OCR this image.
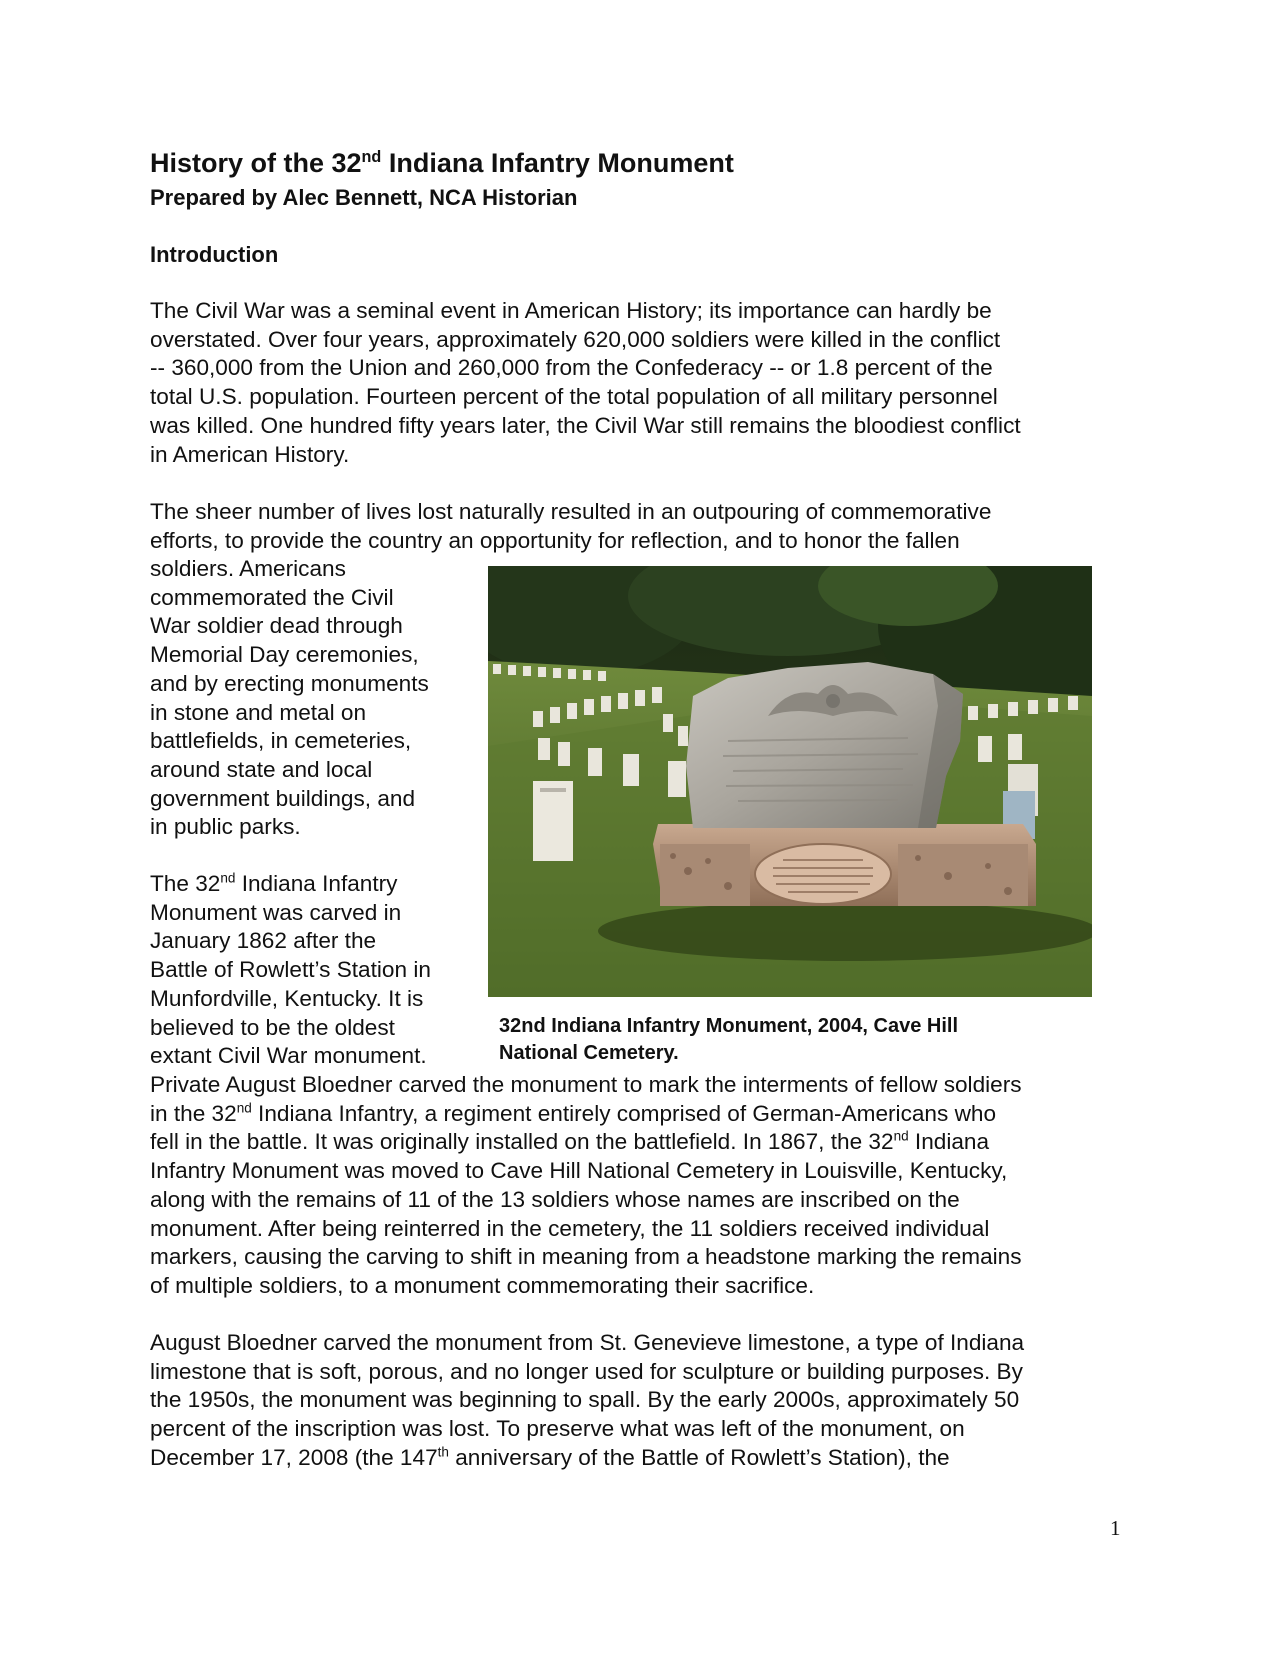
History of the 32nd Indiana Infantry Monument
Prepared by Alec Bennett, NCA Historian
Introduction
The Civil War was a seminal event in American History; its importance can hardly be
overstated. Over four years, approximately 620,000 soldiers were killed in the conflict
-- 360,000 from the Union and 260,000 from the Confederacy -- or 1.8 percent of the
total U.S. population. Fourteen percent of the total population of all military personnel
was killed. One hundred fifty years later, the Civil War still remains the bloodiest conflict
in American History.
The sheer number of lives lost naturally resulted in an outpouring of commemorative
efforts, to provide the country an opportunity for reflection, and to honor the fallen
soldiers. Americans
commemorated the Civil
War soldier dead through
Memorial Day ceremonies,
and by erecting monuments
in stone and metal on
battlefields, in cemeteries,
around state and local
government buildings, and
in public parks.
The 32nd Indiana Infantry
Monument was carved in
January 1862 after the
Battle of Rowlett’s Station in
Munfordville, Kentucky. It is
believed to be the oldest
extant Civil War monument.
Private August Bloedner carved the monument to mark the interments of fellow soldiers
in the 32nd Indiana Infantry, a regiment entirely comprised of German-Americans who
fell in the battle. It was originally installed on the battlefield. In 1867, the 32nd Indiana
Infantry Monument was moved to Cave Hill National Cemetery in Louisville, Kentucky,
along with the remains of 11 of the 13 soldiers whose names are inscribed on the
monument. After being reinterred in the cemetery, the 11 soldiers received individual
markers, causing the carving to shift in meaning from a headstone marking the remains
of multiple soldiers, to a monument commemorating their sacrifice.
August Bloedner carved the monument from St. Genevieve limestone, a type of Indiana
limestone that is soft, porous, and no longer used for sculpture or building purposes. By
the 1950s, the monument was beginning to spall. By the early 2000s, approximately 50
percent of the inscription was lost. To preserve what was left of the monument, on
December 17, 2008 (the 147th anniversary of the Battle of Rowlett’s Station), the
32nd Indiana Infantry Monument, 2004, Cave Hill
National Cemetery.
1
